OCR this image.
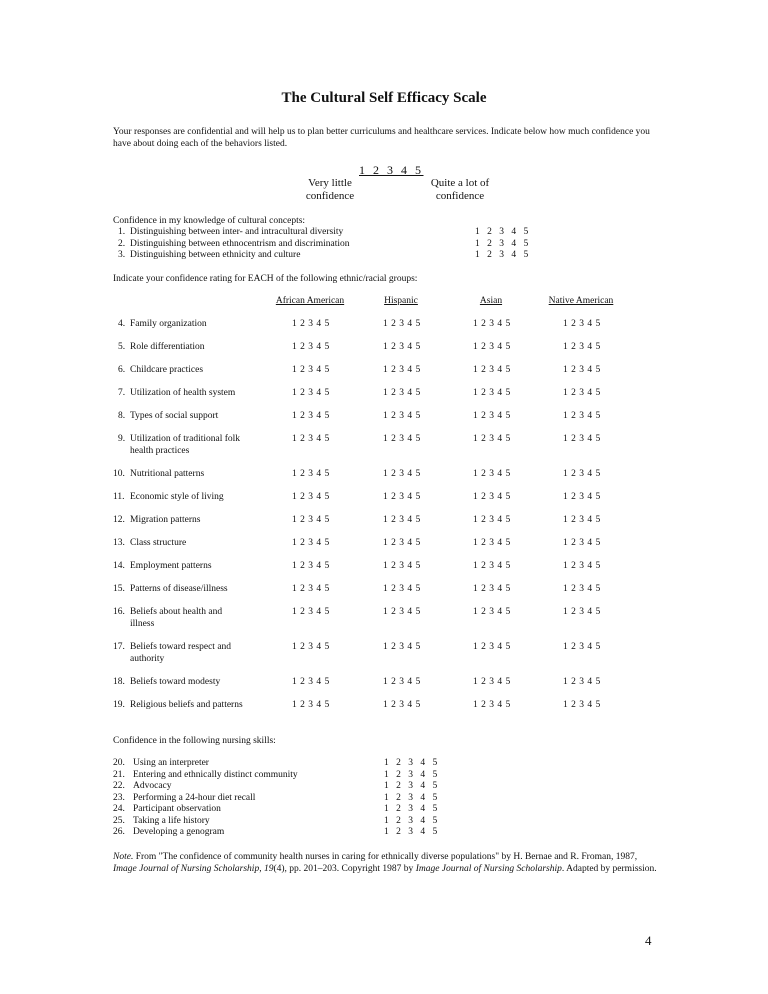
The Cultural Self Efficacy Scale
Your responses are confidential and will help us to plan better curriculums and healthcare services. Indicate below how much confidence you have about doing each of the behaviors listed.
1 2 3 4 5
Very little confidence
Quite a lot of confidence
Confidence in my knowledge of cultural concepts:
1. Distinguishing between inter- and intracultural diversity	1 2 3 4 5
2. Distinguishing between ethnocentrism and discrimination	1 2 3 4 5
3. Distinguishing between ethnicity and culture	1 2 3 4 5
Indicate your confidence rating for EACH of the following ethnic/racial groups:
African American	Hispanic	Asian	Native American
4. Family organization	1 2 3 4 5	1 2 3 4 5	1 2 3 4 5	1 2 3 4 5
5. Role differentiation	1 2 3 4 5	1 2 3 4 5	1 2 3 4 5	1 2 3 4 5
6. Childcare practices	1 2 3 4 5	1 2 3 4 5	1 2 3 4 5	1 2 3 4 5
7. Utilization of health system	1 2 3 4 5	1 2 3 4 5	1 2 3 4 5	1 2 3 4 5
8. Types of social support	1 2 3 4 5	1 2 3 4 5	1 2 3 4 5	1 2 3 4 5
9. Utilization of traditional folk health practices
1 2 3 4 5	1 2 3 4 5	1 2 3 4 5	1 2 3 4 5
10. Nutritional patterns	1 2 3 4 5	1 2 3 4 5	1 2 3 4 5	1 2 3 4 5
11. Economic style of living	1 2 3 4 5	1 2 3 4 5	1 2 3 4 5	1 2 3 4 5
12. Migration patterns	1 2 3 4 5	1 2 3 4 5	1 2 3 4 5	1 2 3 4 5
13. Class structure	1 2 3 4 5	1 2 3 4 5	1 2 3 4 5	1 2 3 4 5
14. Employment patterns	1 2 3 4 5	1 2 3 4 5	1 2 3 4 5	1 2 3 4 5
15. Patterns of disease/illness	1 2 3 4 5	1 2 3 4 5	1 2 3 4 5	1 2 3 4 5
16. Beliefs about health and illness
1 2 3 4 5	1 2 3 4 5	1 2 3 4 5	1 2 3 4 5
17. Beliefs toward respect and authority
1 2 3 4 5	1 2 3 4 5	1 2 3 4 5	1 2 3 4 5
18. Beliefs toward modesty	1 2 3 4 5	1 2 3 4 5	1 2 3 4 5	1 2 3 4 5
19. Religious beliefs and patterns	1 2 3 4 5	1 2 3 4 5	1 2 3 4 5	1 2 3 4 5
Confidence in the following nursing skills:
20. Using an interpreter	1 2 3 4 5
21. Entering and ethnically distinct community	1 2 3 4 5
22. Advocacy	1 2 3 4 5
23. Performing a 24-hour diet recall	1 2 3 4 5
24. Participant observation	1 2 3 4 5
25. Taking a life history	1 2 3 4 5
26. Developing a genogram	1 2 3 4 5
Note. From "The confidence of community health nurses in caring for ethnically diverse populations" by H. Bernae and R. Froman, 1987, Image Journal of Nursing Scholarship, 19(4), pp. 201–203. Copyright 1987 by Image Journal of Nursing Scholarship. Adapted by permission.
4
